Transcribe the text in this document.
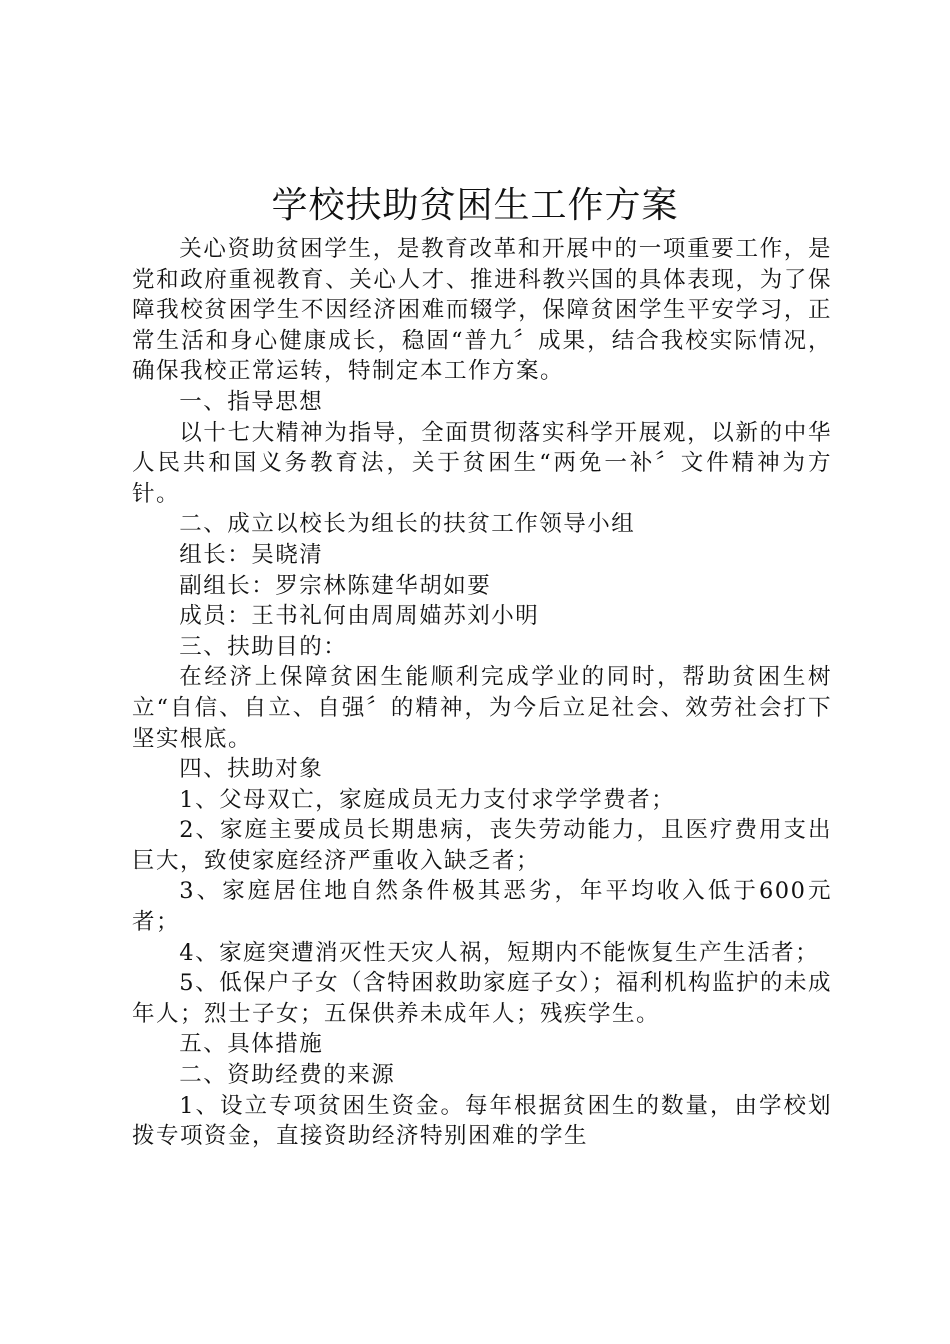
学校扶助贫困生工作方案

关心资助贫困学生，是教育改革和开展中的一项重要工作，是党和政府重视教育、关心人才、推进科教兴国的具体表现，为了保障我校贫困学生不因经济困难而辍学，保障贫困学生平安学习，正常生活和身心健康成长，稳固“普九〞成果，结合我校实际情况，确保我校正常运转，特制定本工作方案。

一、指导思想

以十七大精神为指导，全面贯彻落实科学开展观，以新的中华人民共和国义务教育法，关于贫困生“两免一补〞文件精神为方针。

二、成立以校长为组长的扶贫工作领导小组

组长：吴晓清

副组长：罗宗林陈建华胡如要

成员：王书礼何由周周媌苏刘小明

三、扶助目的：

在经济上保障贫困生能顺利完成学业的同时，帮助贫困生树立“自信、自立、自强〞的精神，为今后立足社会、效劳社会打下坚实根底。

四、扶助对象

1、父母双亡，家庭成员无力支付求学学费者；

2、家庭主要成员长期患病，丧失劳动能力，且医疗费用支出巨大，致使家庭经济严重收入缺乏者；

3、家庭居住地自然条件极其恶劣，年平均收入低于600元者；

4、家庭突遭消灭性天灾人祸，短期内不能恢复生产生活者；

5、低保户子女（含特困救助家庭子女）；福利机构监护的未成年人；烈士子女；五保供养未成年人；残疾学生。

五、具体措施

二、资助经费的来源

1、设立专项贫困生资金。每年根据贫困生的数量，由学校划拨专项资金，直接资助经济特别困难的学生
